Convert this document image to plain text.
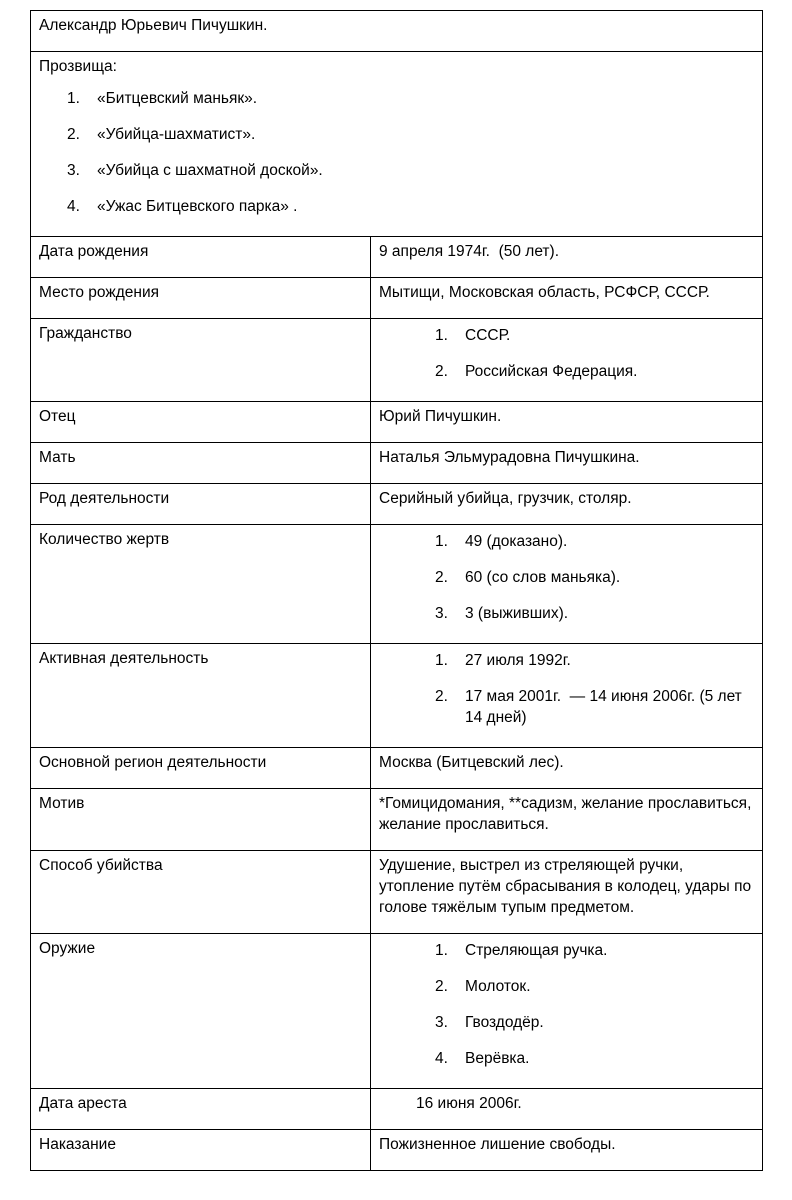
Александр Юрьевич Пичушкин.	

Прозвища:

«Битцевский маньяк».
«Убийца-шахматист».
«Убийца с шахматной доской».
«Ужас Битцевского парка» .

Дата рождения	9 апреля 1974г.  (50 лет).

Место рождения	Мытищи, Московская область, РСФСР, СССР.

Гражданство	СССР.
Российская Федерация.

Отец	Юрий Пичушкин.

Мать	Наталья Эльмурадовна Пичушкина.

Род деятельности	Серийный убийца, грузчик, столяр.

Количество жертв	49 (доказано).
60 (со слов маньяка).
3 (выживших).

Активная деятельность	27 июля 1992г.
17 мая 2001г.  — 14 июня 2006г. (5 лет 14 дней)

Основной регион деятельности	Москва (Битцевский лес).

Мотив	*Гомицидомания, **садизм, желание прославиться, желание прославиться.

Способ убийства	Удушение, выстрел из стреляющей ручки, утопление путём сбрасывания в колодец, удары по голове тяжёлым тупым предметом.

Оружие	Стреляющая ручка.
Молоток.
Гвоздодёр.
Верёвка.

Дата ареста	16 июня 2006г.

Наказание	Пожизненное лишение свободы.
